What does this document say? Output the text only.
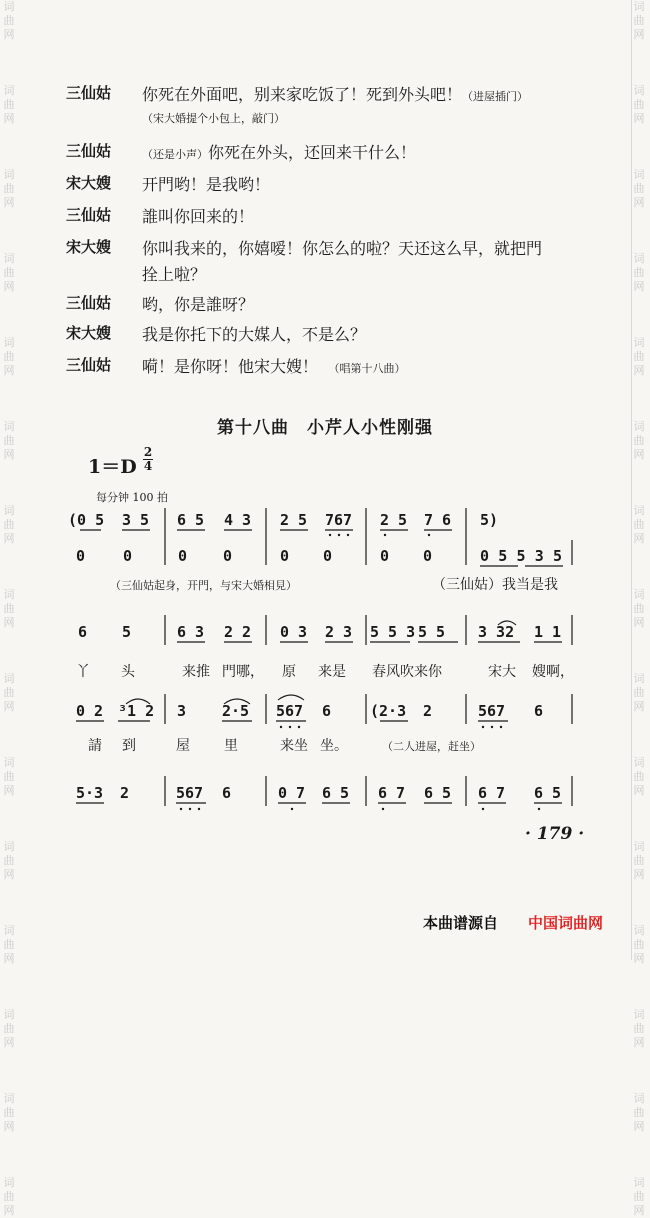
词曲网

词曲网

词曲网

词曲网

词曲网

词曲网

词曲网

词曲网

词曲网

词曲网

词曲网

词曲网

词曲网

词曲网

词曲网
词曲网

词曲网

词曲网

词曲网

词曲网

词曲网

词曲网

词曲网

词曲网

词曲网

词曲网

词曲网

词曲网

词曲网

词曲网
三仙姑	你死在外面吧，别来家吃饭了！死到外头吧！（进屋插门）
（宋大婚提个小包上，敲门）
三仙姑	（还是小声）你死在外头，还回来干什么！
宋大嫂	开門哟！是我哟！
三仙姑	誰叫你回来的！
宋大嫂	你叫我来的，你嬉嗳！你怎么的啦？天还这么早，就把門
拴上啦？
三仙姑	哟，你是誰呀？
宋大嫂	我是你托下的大媒人，不是么？
三仙姑	嗬！是你呀！他宋大嫂！　 （唱第十八曲）
第十八曲　小芹人小性刚强
1＝D
2
4
每分钟 100 拍
(0 5 3 5 6 5 4 3 2 5 767 2 5 7 6 5)
0	0	0 0	0 0	0 0	05535
（三仙姑起身，开門，与宋大婚相見）	（三仙姑）我当是我
6 5	6 3 2 2 0 3 2 3 5 5 3 5 5 3 32 1 1
丫 头	来推 門哪， 原 来是 春风吹来你	宋大 嫂啊，
0 2 ³1 2 3 2·5 567 6	(2·3 2	567 6
請 到	屋 里	来坐 坐。	（二人进屋，赶坐）
5·3 2	567 6	0 7 6 5 6 7 6 5 6 7 6 5
· 179 ·
本曲谱源自 中国词曲网
